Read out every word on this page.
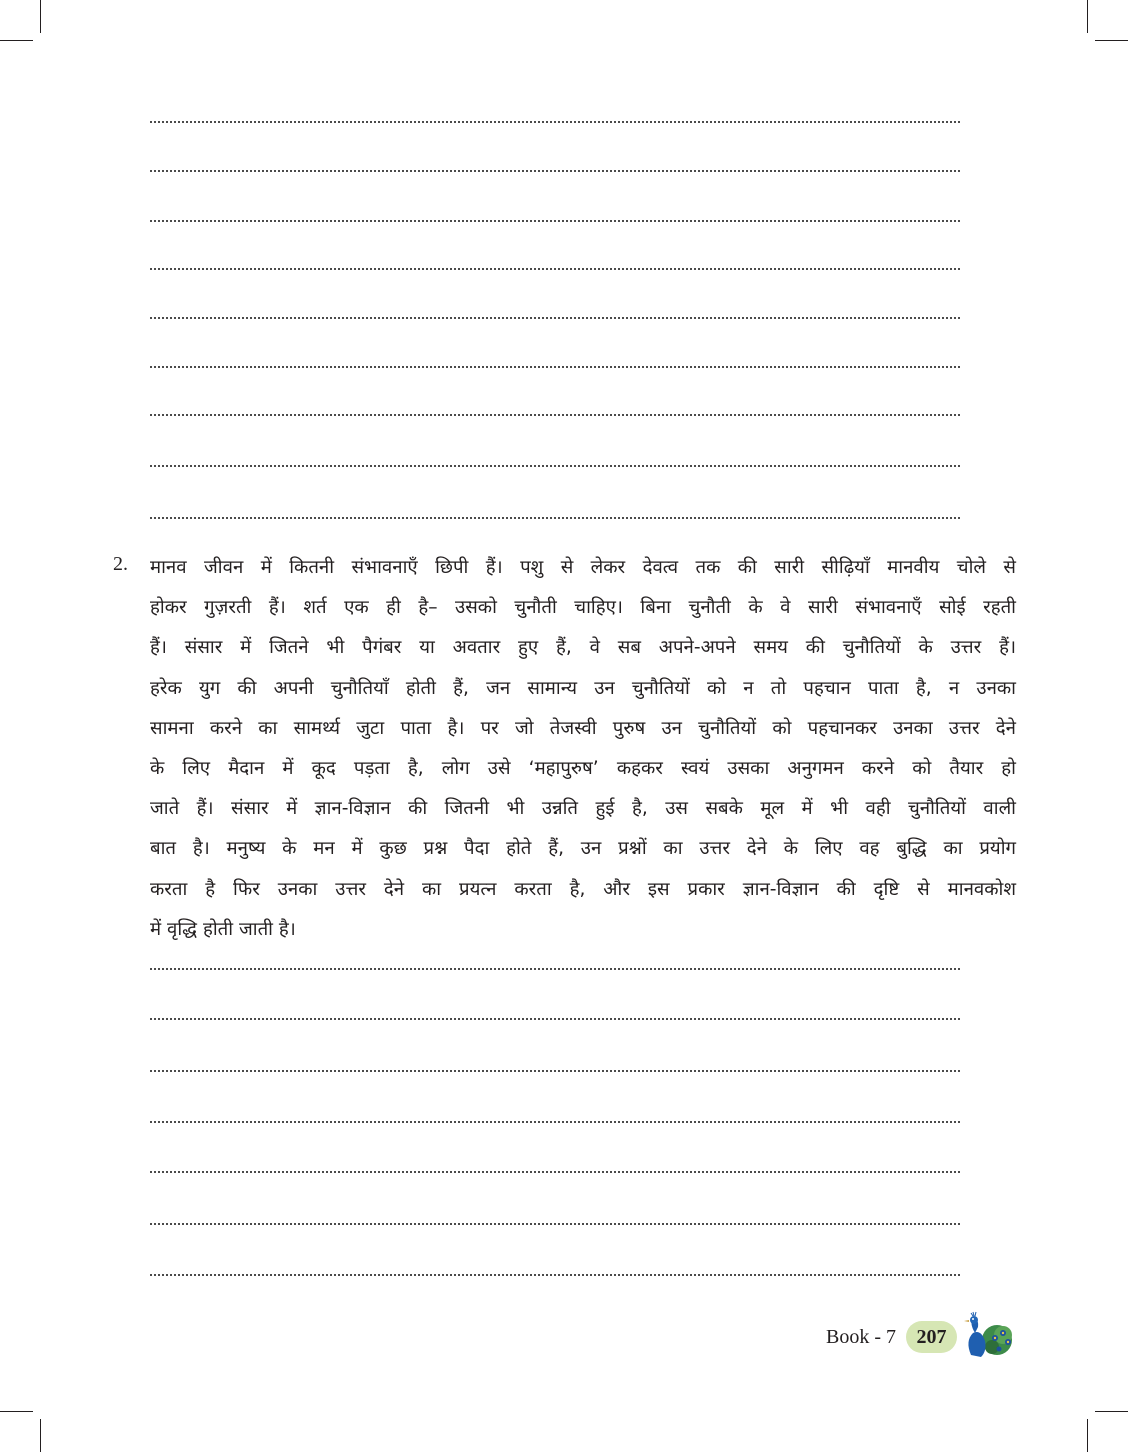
2. मानव जीवन में कितनी संभावनाएँ छिपी हैं। पशु से लेकर देवत्व तक की सारी सीढ़ियाँ मानवीय चोले से
होकर गुज़रती हैं। शर्त एक ही है– उसको चुनौती चाहिए। बिना चुनौती के वे सारी संभावनाएँ सोई रहती
हैं। संसार में जितने भी पैगंबर या अवतार हुए हैं, वे सब अपने-अपने समय की चुनौतियों के उत्तर हैं।
हरेक युग की अपनी चुनौतियाँ होती हैं, जन सामान्य उन चुनौतियों को न तो पहचान पाता है, न उनका
सामना करने का सामर्थ्य जुटा पाता है। पर जो तेजस्वी पुरुष उन चुनौतियों को पहचानकर उनका उत्तर देने
के लिए मैदान में कूद पड़ता है, लोग उसे ‘महापुरुष’ कहकर स्वयं उसका अनुगमन करने को तैयार हो
जाते हैं। संसार में ज्ञान-विज्ञान की जितनी भी उन्नति हुई है, उस सबके मूल में भी वही चुनौतियों वाली
बात है। मनुष्य के मन में कुछ प्रश्न पैदा होते हैं, उन प्रश्नों का उत्तर देने के लिए वह बुद्धि का प्रयोग
करता है फिर उनका उत्तर देने का प्रयत्न करता है, और इस प्रकार ज्ञान-विज्ञान की दृष्टि से मानवकोश
में वृद्धि होती जाती है।
Book - 7	207
